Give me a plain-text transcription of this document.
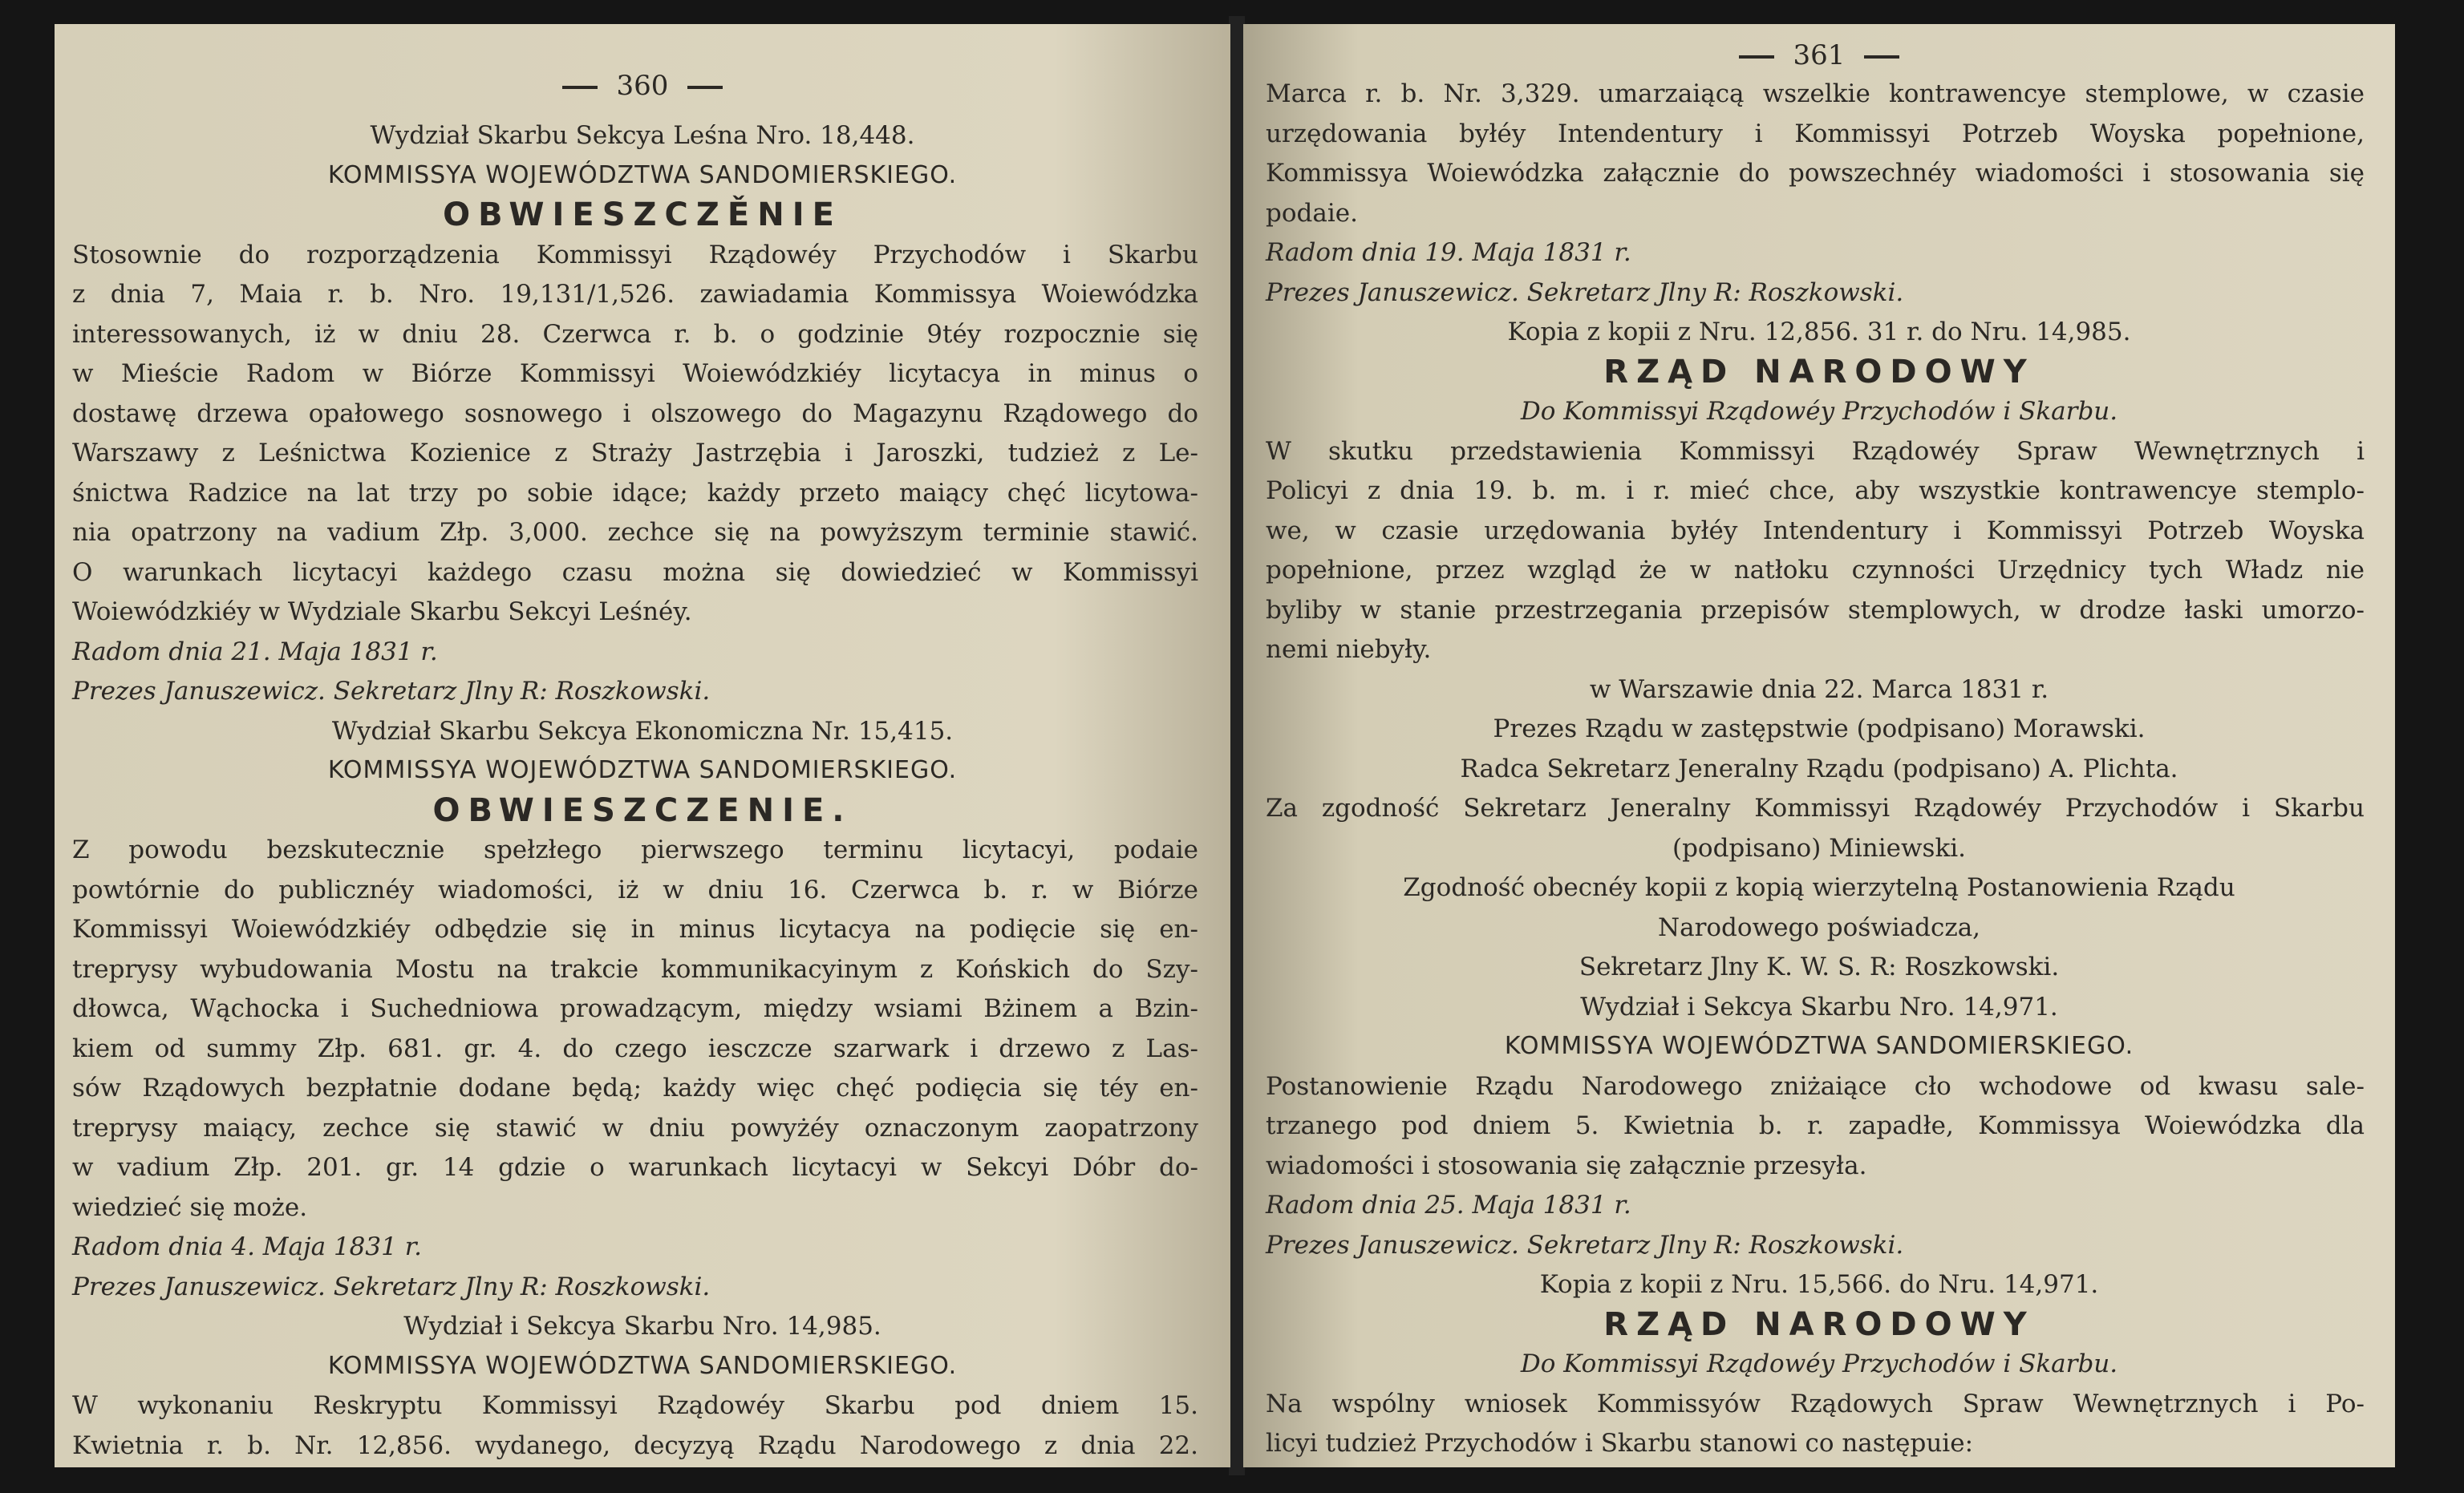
360
Wydział Skarbu Sekcya Leśna Nro. 18,448.
KOMMISSYA WOJEWÓDZTWA SANDOMIERSKIEGO.
OBWIESZCZĚNIE
Stosownie do rozporządzenia Kommissyi Rządowéy Przychodów i Skarbu
z dnia 7, Maia r. b. Nro. 19,131/1,526. zawiadamia Kommissya Woiewódzka
interessowanych, iż w dniu 28. Czerwca r. b. o godzinie 9téy rozpocznie się
w Mieście Radom w Biórze Kommissyi Woiewódzkiéy licytacya in minus o
dostawę drzewa opałowego sosnowego i olszowego do Magazynu Rządowego do
Warszawy z Leśnictwa Kozienice z Straży Jastrzębia i Jaroszki, tudzież z Le-
śnictwa Radzice na lat trzy po sobie idące; każdy przeto maiący chęć licytowa-
nia opatrzony na vadium Złp. 3,000. zechce się na powyższym terminie stawić.
O warunkach licytacyi każdego czasu można się dowiedzieć w Kommissyi
Woiewódzkiéy w Wydziale Skarbu Sekcyi Leśnéy.
Radom dnia 21. Maja 1831 r.
Prezes Januszewicz. Sekretarz Jlny R: Roszkowski.
Wydział Skarbu Sekcya Ekonomiczna Nr. 15,415.
KOMMISSYA WOJEWÓDZTWA SANDOMIERSKIEGO.
OBWIESZCZENIE.
Z powodu bezskutecznie spełzłego pierwszego terminu licytacyi, podaie
powtórnie do publicznéy wiadomości, iż w dniu 16. Czerwca b. r. w Biórze
Kommissyi Woiewódzkiéy odbędzie się in minus licytacya na podięcie się en-
treprysy wybudowania Mostu na trakcie kommunikacyinym z Końskich do Szy-
dłowca, Wąchocka i Suchedniowa prowadzącym, między wsiami Bżinem a Bzin-
kiem od summy Złp. 681. gr. 4. do czego iesczcze szarwark i drzewo z Las-
sów Rządowych bezpłatnie dodane będą; każdy więc chęć podięcia się téy en-
treprysy maiący, zechce się stawić w dniu powyżéy oznaczonym zaopatrzony
w vadium Złp. 201. gr. 14 gdzie o warunkach licytacyi w Sekcyi Dóbr do-
wiedzieć się może.
Radom dnia 4. Maja 1831 r.
Prezes Januszewicz. Sekretarz Jlny R: Roszkowski.
Wydział i Sekcya Skarbu Nro. 14,985.
KOMMISSYA WOJEWÓDZTWA SANDOMIERSKIEGO.
W wykonaniu Reskryptu Kommissyi Rządowéy Skarbu pod dniem 15.
Kwietnia r. b. Nr. 12,856. wydanego, decyzyą Rządu Narodowego z dnia 22.
361
Marca r. b. Nr. 3,329. umarzaiącą wszelkie kontrawencye stemplowe, w czasie
urzędowania byłéy Intendentury i Kommissyi Potrzeb Woyska popełnione,
Kommissya Woiewódzka załącznie do powszechnéy wiadomości i stosowania się
podaie.
Radom dnia 19. Maja 1831 r.
Prezes Januszewicz. Sekretarz Jlny R: Roszkowski.
Kopia z kopii z Nru. 12,856. 31 r. do Nru. 14,985.
RZĄD NARODOWY
Do Kommissyi Rządowéy Przychodów i Skarbu.
W skutku przedstawienia Kommissyi Rządowéy Spraw Wewnętrznych i
Policyi z dnia 19. b. m. i r. mieć chce, aby wszystkie kontrawencye stemplo-
we, w czasie urzędowania byłéy Intendentury i Kommissyi Potrzeb Woyska
popełnione, przez wzgląd że w natłoku czynności Urzędnicy tych Władz nie
byliby w stanie przestrzegania przepisów stemplowych, w drodze łaski umorzo-
nemi niebyły.
w Warszawie dnia 22. Marca 1831 r.
Prezes Rządu w zastępstwie (podpisano) Morawski.
Radca Sekretarz Jeneralny Rządu (podpisano) A. Plichta.
Za zgodność Sekretarz Jeneralny Kommissyi Rządowéy Przychodów i Skarbu
(podpisano) Miniewski.
Zgodność obecnéy kopii z kopią wierzytelną Postanowienia Rządu
Narodowego poświadcza,
Sekretarz Jlny K. W. S. R: Roszkowski.
Wydział i Sekcya Skarbu Nro. 14,971.
KOMMISSYA WOJEWÓDZTWA SANDOMIERSKIEGO.
Postanowienie Rządu Narodowego zniżaiące cło wchodowe od kwasu sale-
trzanego pod dniem 5. Kwietnia b. r. zapadłe, Kommissya Woiewódzka dla
wiadomości i stosowania się załącznie przesyła.
Radom dnia 25. Maja 1831 r.
Prezes Januszewicz. Sekretarz Jlny R: Roszkowski.
Kopia z kopii z Nru. 15,566. do Nru. 14,971.
RZĄD NARODOWY
Do Kommissyi Rządowéy Przychodów i Skarbu.
Na wspólny wniosek Kommissyów Rządowych Spraw Wewnętrznych i Po-
licyi tudzież Przychodów i Skarbu stanowi co następuie:
